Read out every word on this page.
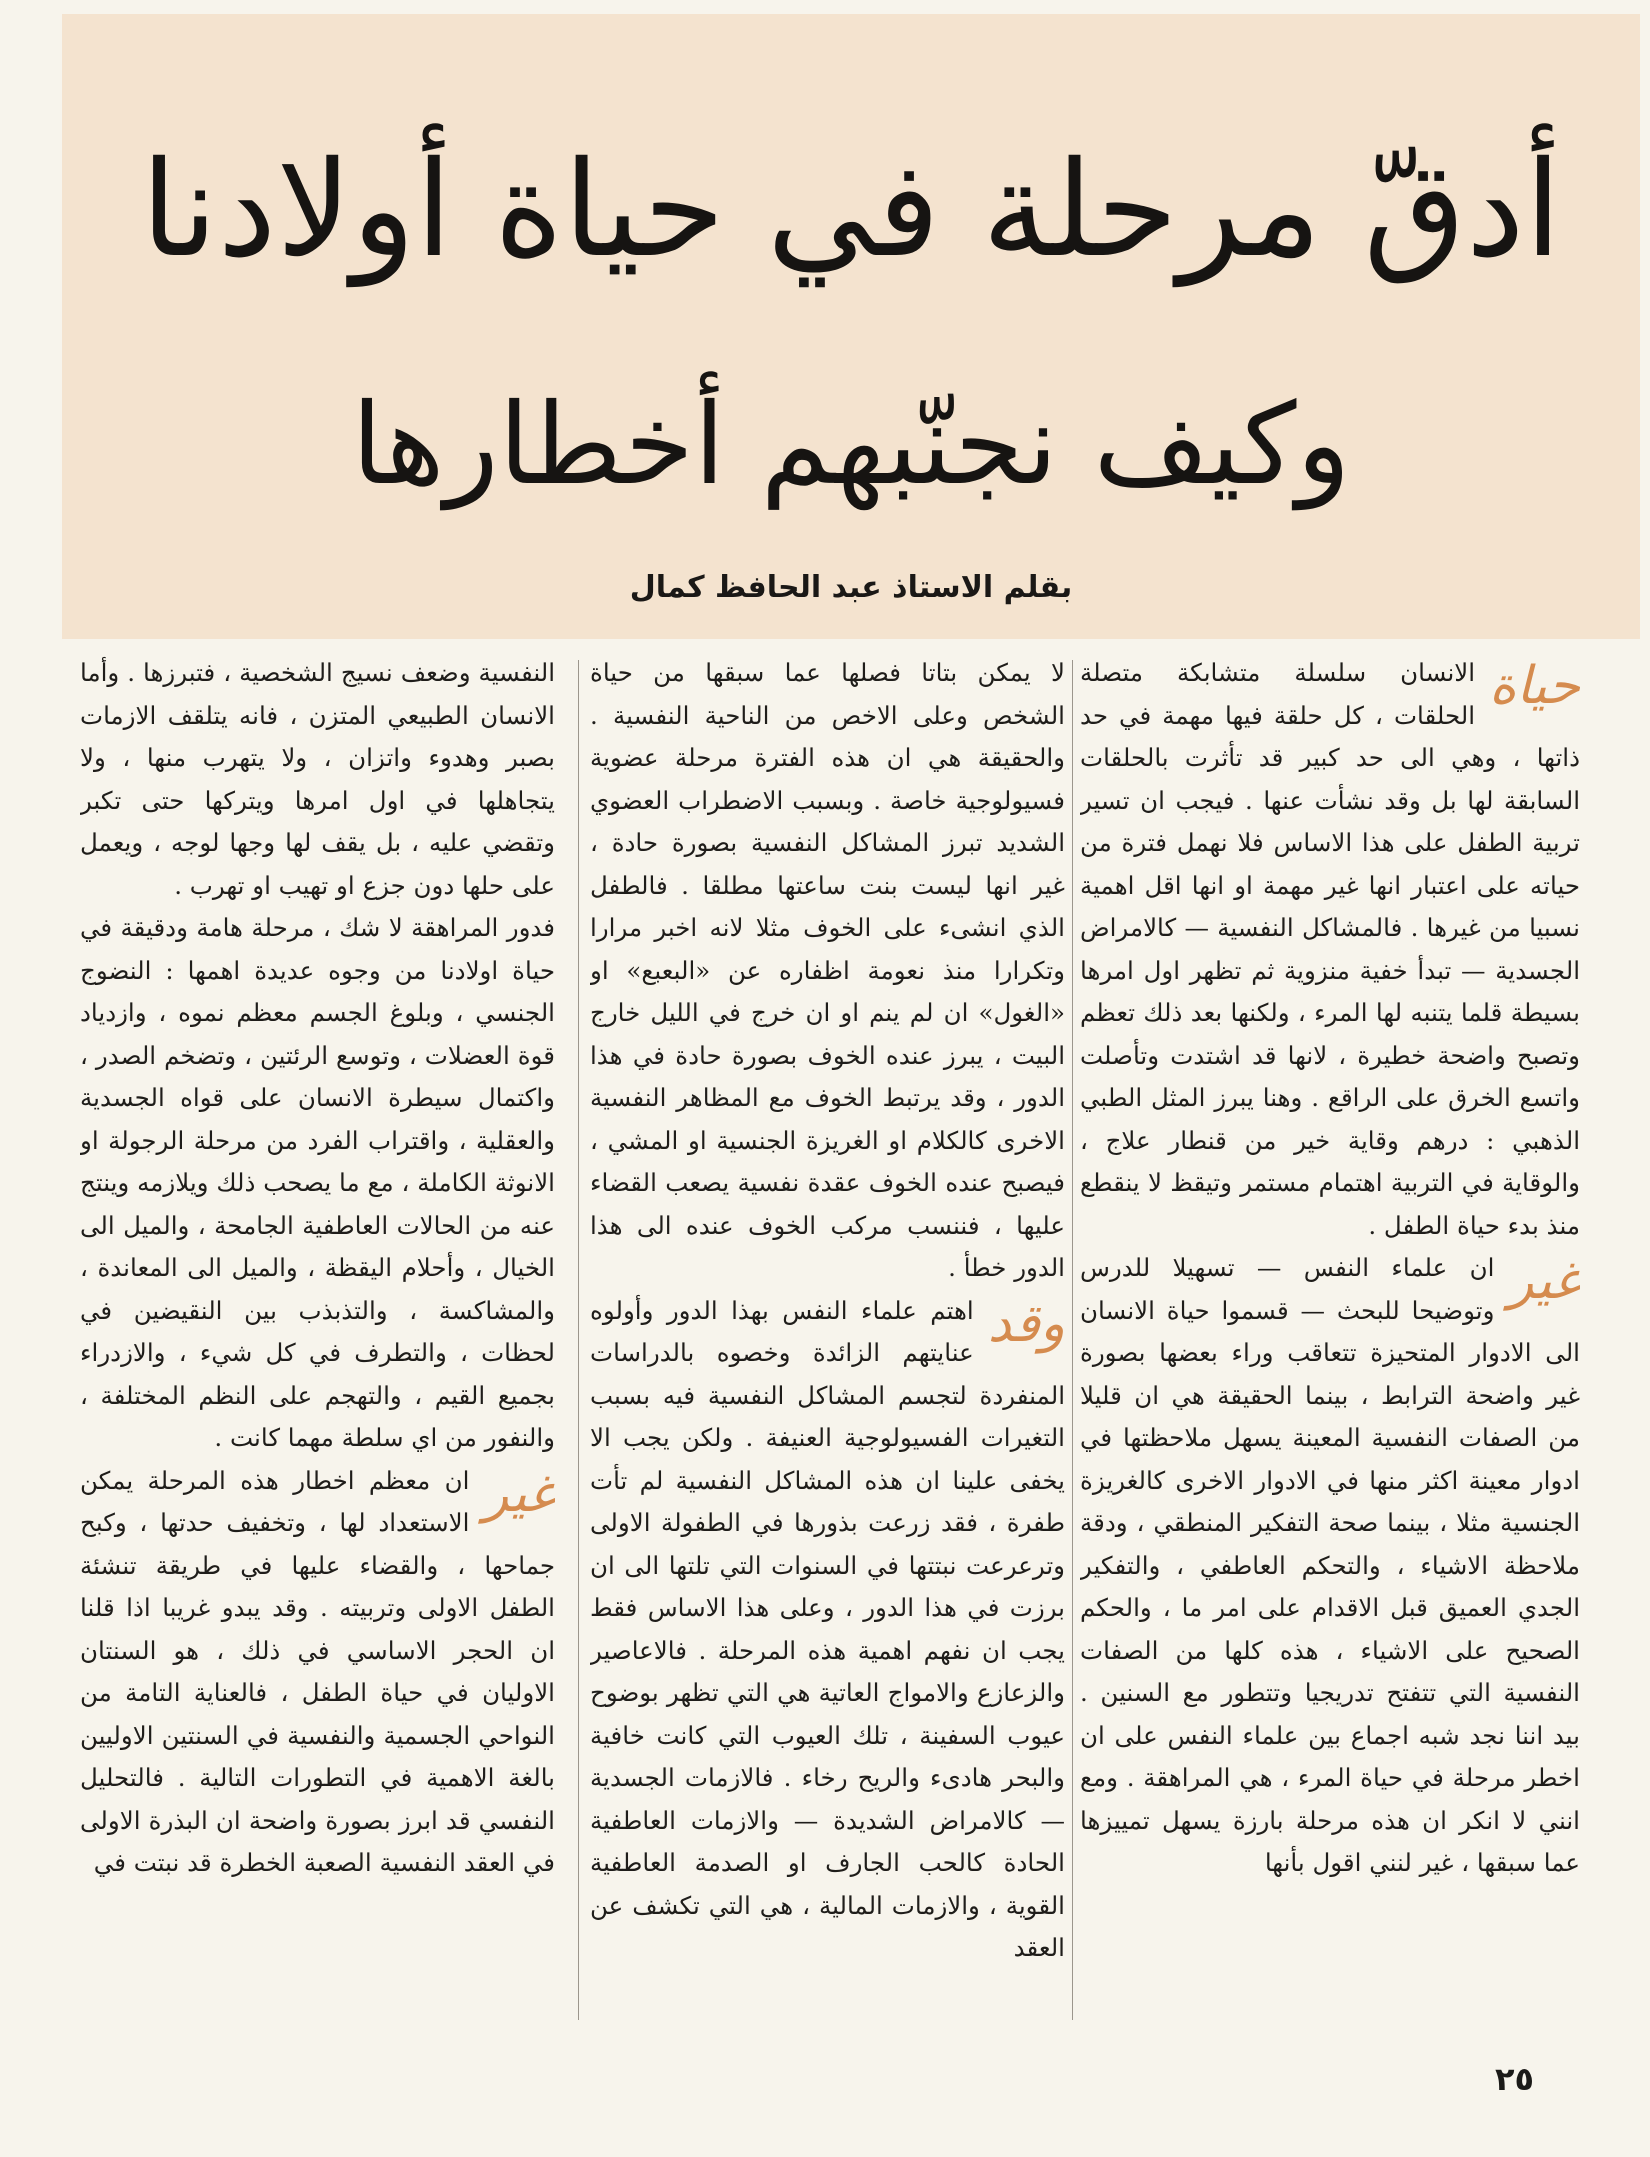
أدقّ مرحلة في حياة أولادنا
وكيف نجنّبهم أخطارها
بقلم الاستاذ عبد الحافظ كمال

حياة
الانسان سلسلة متشابكة متصلة الحلقات ، كل حلقة فيها مهمة في حد ذاتها ، وهي الى حد كبير قد تأثرت بالحلقات السابقة لها بل وقد نشأت عنها . فيجب ان تسير تربية الطفل على هذا الاساس فلا نهمل فترة من حياته على اعتبار انها غير مهمة او انها اقل اهمية نسبيا من غيرها . فالمشاكل النفسية — كالامراض الجسدية — تبدأ خفية منزوية ثم تظهر اول امرها بسيطة قلما يتنبه لها المرء ، ولكنها بعد ذلك تعظم وتصبح واضحة خطيرة ، لانها قد اشتدت وتأصلت واتسع الخرق على الراقع . وهنا يبرز المثل الطبي الذهبي : درهم وقاية خير من قنطار علاج ، والوقاية في التربية اهتمام مستمر وتيقظ لا ينقطع منذ بدء حياة الطفل .

غير
ان علماء النفس — تسهيلا للدرس وتوضيحا للبحث — قسموا حياة الانسان الى الادوار المتحيزة تتعاقب وراء بعضها بصورة غير واضحة الترابط ، بينما الحقيقة هي ان قليلا من الصفات النفسية المعينة يسهل ملاحظتها في ادوار معينة اكثر منها في الادوار الاخرى كالغريزة الجنسية مثلا ، بينما صحة التفكير المنطقي ، ودقة ملاحظة الاشياء ، والتحكم العاطفي ، والتفكير الجدي العميق قبل الاقدام على امر ما ، والحكم الصحيح على الاشياء ، هذه كلها من الصفات النفسية التي تتفتح تدريجيا وتتطور مع السنين . بيد اننا نجد شبه اجماع بين علماء النفس على ان اخطر مرحلة في حياة المرء ، هي المراهقة . ومع انني لا انكر ان هذه مرحلة بارزة يسهل تمييزها عما سبقها ، غير لنني اقول بأنها

لا يمكن بتاتا فصلها عما سبقها من حياة الشخص وعلى الاخص من الناحية النفسية . والحقيقة هي ان هذه الفترة مرحلة عضوية فسيولوجية خاصة . وبسبب الاضطراب العضوي الشديد تبرز المشاكل النفسية بصورة حادة ، غير انها ليست بنت ساعتها مطلقا . فالطفل الذي انشىء على الخوف مثلا لانه اخبر مرارا وتكرارا منذ نعومة اظفاره عن «البعبع» او «الغول» ان لم ينم او ان خرج في الليل خارج البيت ، يبرز عنده الخوف بصورة حادة في هذا الدور ، وقد يرتبط الخوف مع المظاهر النفسية الاخرى كالكلام او الغريزة الجنسية او المشي ، فيصبح عنده الخوف عقدة نفسية يصعب القضاء عليها ، فننسب مركب الخوف عنده الى هذا الدور خطأ .

وقد
اهتم علماء النفس بهذا الدور وأولوه عنايتهم الزائدة وخصوه بالدراسات المنفردة لتجسم المشاكل النفسية فيه بسبب التغيرات الفسيولوجية العنيفة . ولكن يجب الا يخفى علينا ان هذه المشاكل النفسية لم تأت طفرة ، فقد زرعت بذورها في الطفولة الاولى وترعرعت نبتتها في السنوات التي تلتها الى ان برزت في هذا الدور ، وعلى هذا الاساس فقط يجب ان نفهم اهمية هذه المرحلة . فالاعاصير والزعازع والامواج العاتية هي التي تظهر بوضوح عيوب السفينة ، تلك العيوب التي كانت خافية والبحر هادىء والريح رخاء . فالازمات الجسدية — كالامراض الشديدة — والازمات العاطفية الحادة كالحب الجارف او الصدمة العاطفية القوية ، والازمات المالية ، هي التي تكشف عن العقد

النفسية وضعف نسيج الشخصية ، فتبرزها . وأما الانسان الطبيعي المتزن ، فانه يتلقف الازمات بصبر وهدوء واتزان ، ولا يتهرب منها ، ولا يتجاهلها في اول امرها ويتركها حتى تكبر وتقضي عليه ، بل يقف لها وجها لوجه ، ويعمل على حلها دون جزع او تهيب او تهرب .

فدور المراهقة لا شك ، مرحلة هامة ودقيقة في حياة اولادنا من وجوه عديدة اهمها : النضوج الجنسي ، وبلوغ الجسم معظم نموه ، وازدياد قوة العضلات ، وتوسع الرئتين ، وتضخم الصدر ، واكتمال سيطرة الانسان على قواه الجسدية والعقلية ، واقتراب الفرد من مرحلة الرجولة او الانوثة الكاملة ، مع ما يصحب ذلك ويلازمه وينتج عنه من الحالات العاطفية الجامحة ، والميل الى الخيال ، وأحلام اليقظة ، والميل الى المعاندة ، والمشاكسة ، والتذبذب بين النقيضين في لحظات ، والتطرف في كل شيء ، والازدراء بجميع القيم ، والتهجم على النظم المختلفة ، والنفور من اي سلطة مهما كانت .

غير
ان معظم اخطار هذه المرحلة يمكن الاستعداد لها ، وتخفيف حدتها ، وكبح جماحها ، والقضاء عليها في طريقة تنشئة الطفل الاولى وتربيته . وقد يبدو غريبا اذا قلنا ان الحجر الاساسي في ذلك ، هو السنتان الاوليان في حياة الطفل ، فالعناية التامة من النواحي الجسمية والنفسية في السنتين الاوليين بالغة الاهمية في التطورات التالية . فالتحليل النفسي قد ابرز بصورة واضحة ان البذرة الاولى في العقد النفسية الصعبة الخطرة قد نبتت في

٢٥
